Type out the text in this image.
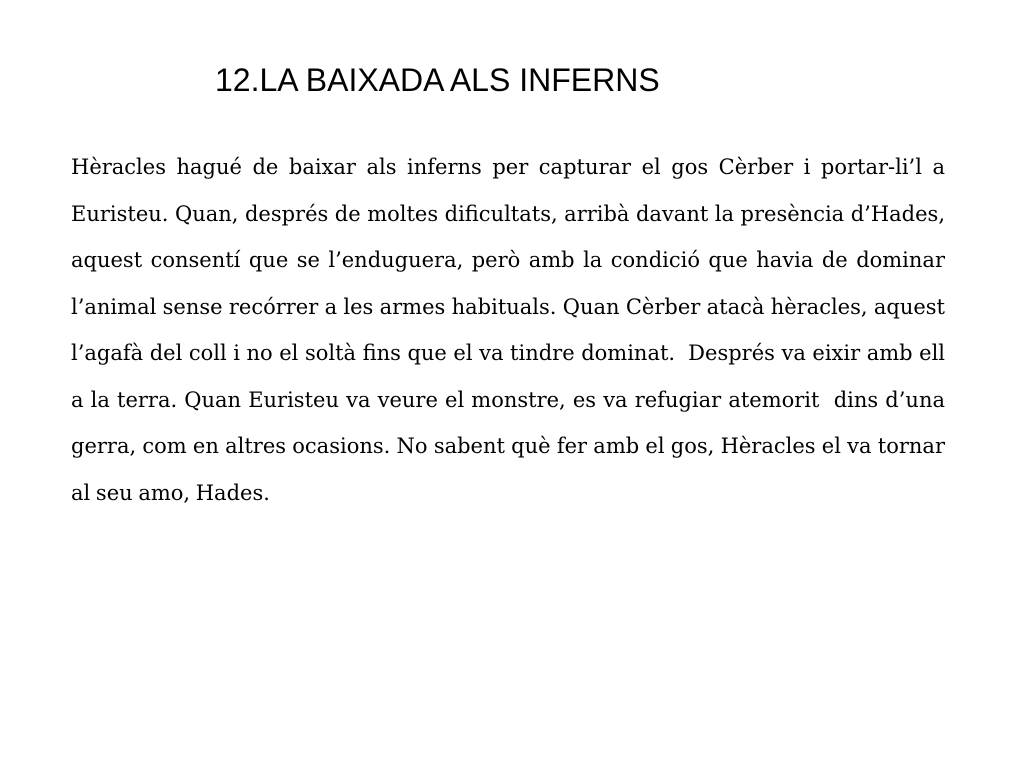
12.LA BAIXADA ALS INFERNS

Hèracles hagué de baixar als inferns per capturar el gos Cèrber i portar-li’l a Euristeu. Quan, després de moltes dificultats, arribà davant la presència d’Hades, aquest consentí que se l’enduguera, però amb la condició que havia de dominar l’animal sense recórrer a les armes habituals. Quan Cèrber atacà hèracles, aquest l’agafà del coll i no el soltà fins que el va tindre dominat.  Després va eixir amb ell a la terra. Quan Euristeu va veure el monstre, es va refugiar atemorit  dins d’una gerra, com en altres ocasions. No sabent què fer amb el gos, Hèracles el va tornar al seu amo, Hades.
